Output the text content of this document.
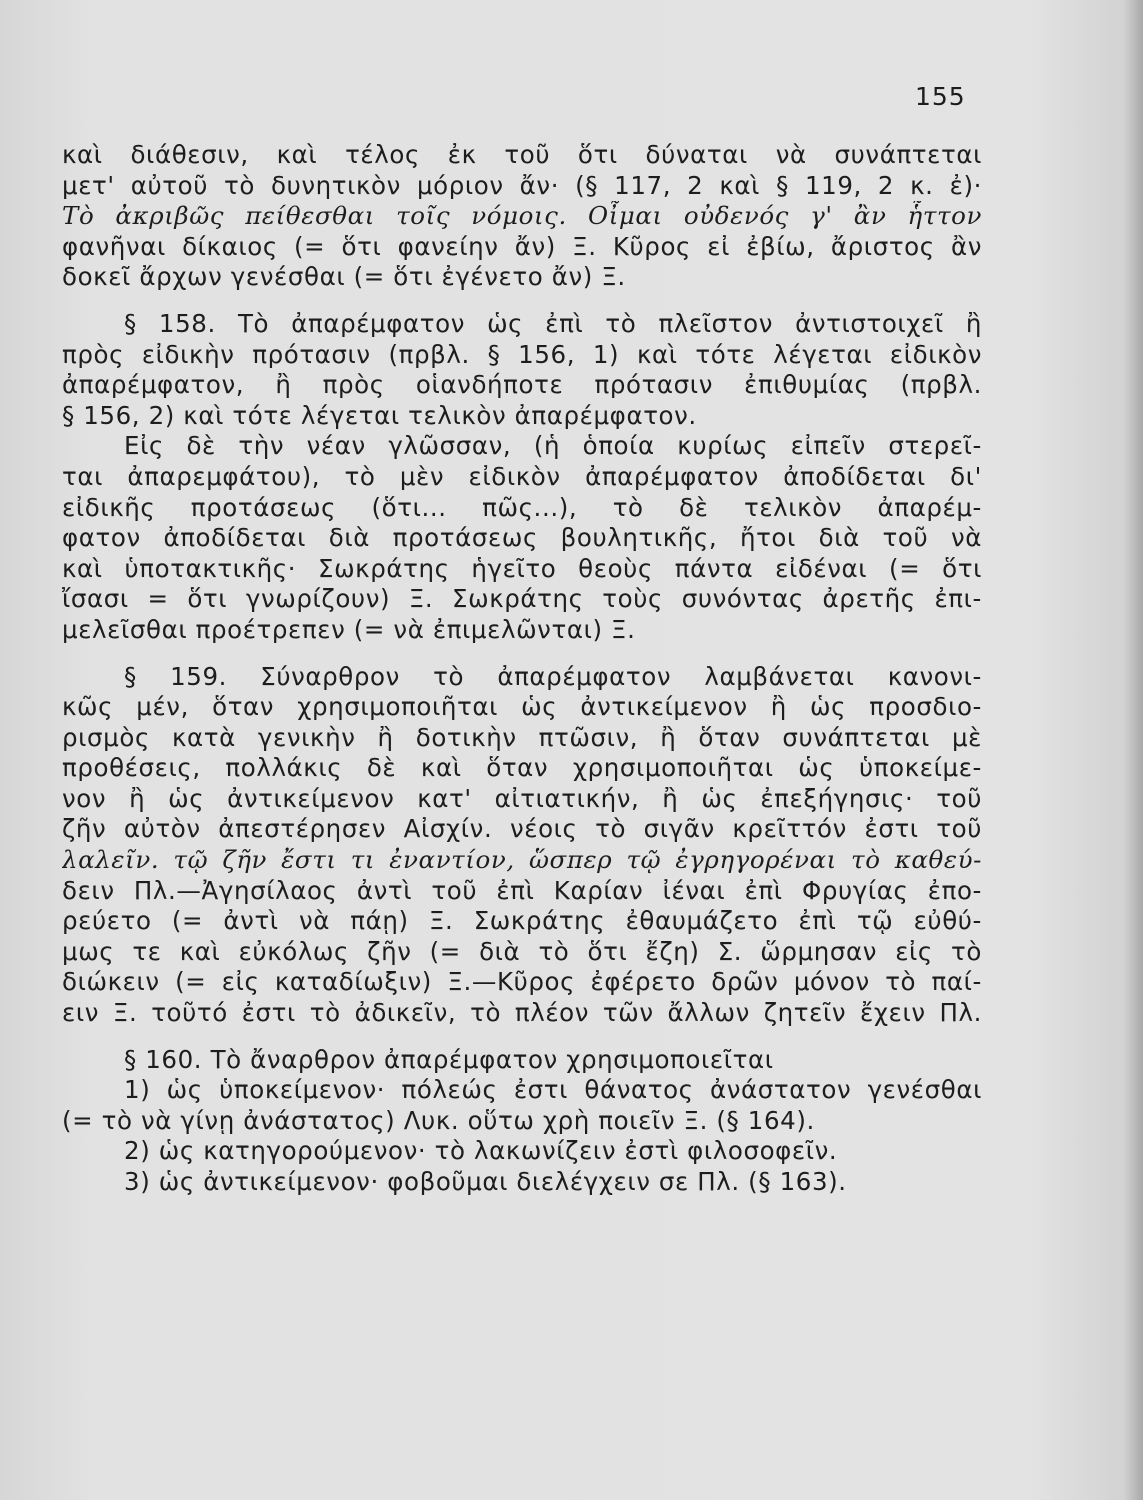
155
καὶ διάθεσιν, καὶ τέλος ἐκ τοῦ ὅτι δύναται νὰ συνάπτεται
μετ' αὐτοῦ τὸ δυνητικὸν μόριον ἄν· (§ 117, 2 καὶ § 119, 2 κ. ἐ)·
Τὸ ἀκριβῶς πείθεσθαι τοῖς νόμοις. Οἶμαι οὐδενός γ' ἂν ἧττον
φανῆναι δίκαιος (= ὅτι φανείην ἄν) Ξ. Κῦρος εἰ ἐβίω, ἄριστος ἂν
δοκεῖ ἄρχων γενέσθαι (= ὅτι ἐγένετο ἄν) Ξ.
§ 158. Τὸ ἀπαρέμφατον ὡς ἐπὶ τὸ πλεῖστον ἀντιστοιχεῖ ἢ
πρὸς εἰδικὴν πρότασιν (πρβλ. § 156, 1) καὶ τότε λέγεται εἰδικὸν
ἀπαρέμφατον, ἢ πρὸς οἱανδήποτε πρότασιν ἐπιθυμίας (πρβλ.
§ 156, 2) καὶ τότε λέγεται τελικὸν ἀπαρέμφατον.
Εἰς δὲ τὴν νέαν γλῶσσαν, (ἡ ὁποία κυρίως εἰπεῖν στερεῖ-
ται ἀπαρεμφάτου), τὸ μὲν εἰδικὸν ἀπαρέμφατον ἀποδίδεται δι'
εἰδικῆς προτάσεως (ὅτι... πῶς...), τὸ δὲ τελικὸν ἀπαρέμ-
φατον ἀποδίδεται διὰ προτάσεως βουλητικῆς, ἤτοι διὰ τοῦ νὰ
καὶ ὑποτακτικῆς· Σωκράτης ἡγεῖτο θεοὺς πάντα εἰδέναι (= ὅτι
ἴσασι = ὅτι γνωρίζουν) Ξ. Σωκράτης τοὺς συνόντας ἀρετῆς ἐπι-
μελεῖσθαι προέτρεπεν (= νὰ ἐπιμελῶνται) Ξ.
§ 159. Σύναρθρον τὸ ἀπαρέμφατον λαμβάνεται κανονι-
κῶς μέν, ὅταν χρησιμοποιῆται ὡς ἀντικείμενον ἢ ὡς προσδιο-
ρισμὸς κατὰ γενικὴν ἢ δοτικὴν πτῶσιν, ἢ ὅταν συνάπτεται μὲ
προθέσεις, πολλάκις δὲ καὶ ὅταν χρησιμοποιῆται ὡς ὑποκείμε-
νον ἢ ὡς ἀντικείμενον κατ' αἰτιατικήν, ἢ ὡς ἐπεξήγησις· τοῦ
ζῆν αὐτὸν ἀπεστέρησεν Αἰσχίν. νέοις τὸ σιγᾶν κρεῖττόν ἐστι τοῦ
λαλεῖν. τῷ ζῆν ἔστι τι ἐναντίον, ὥσπερ τῷ ἐγρηγορέναι τὸ καθεύ-
δειν Πλ.—Ἀγησίλαος ἀντὶ τοῦ ἐπὶ Καρίαν ἰέναι ἐπὶ Φρυγίας ἐπο-
ρεύετο (= ἀντὶ νὰ πάῃ) Ξ. Σωκράτης ἐθαυμάζετο ἐπὶ τῷ εὐθύ-
μως τε καὶ εὐκόλως ζῆν (= διὰ τὸ ὅτι ἔζη) Σ. ὥρμησαν εἰς τὸ
διώκειν (= εἰς καταδίωξιν) Ξ.—Κῦρος ἐφέρετο δρῶν μόνον τὸ παί-
ειν Ξ. τοῦτό ἐστι τὸ ἀδικεῖν, τὸ πλέον τῶν ἄλλων ζητεῖν ἔχειν Πλ.
§ 160. Τὸ ἄναρθρον ἀπαρέμφατον χρησιμοποιεῖται
1) ὡς ὑποκείμενον· πόλεώς ἐστι θάνατος ἀνάστατον γενέσθαι
(= τὸ νὰ γίνῃ ἀνάστατος) Λυκ. οὕτω χρὴ ποιεῖν Ξ. (§ 164).
2) ὡς κατηγορούμενον· τὸ λακωνίζειν ἐστὶ φιλοσοφεῖν.
3) ὡς ἀντικείμενον· φοβοῦμαι διελέγχειν σε Πλ. (§ 163).
